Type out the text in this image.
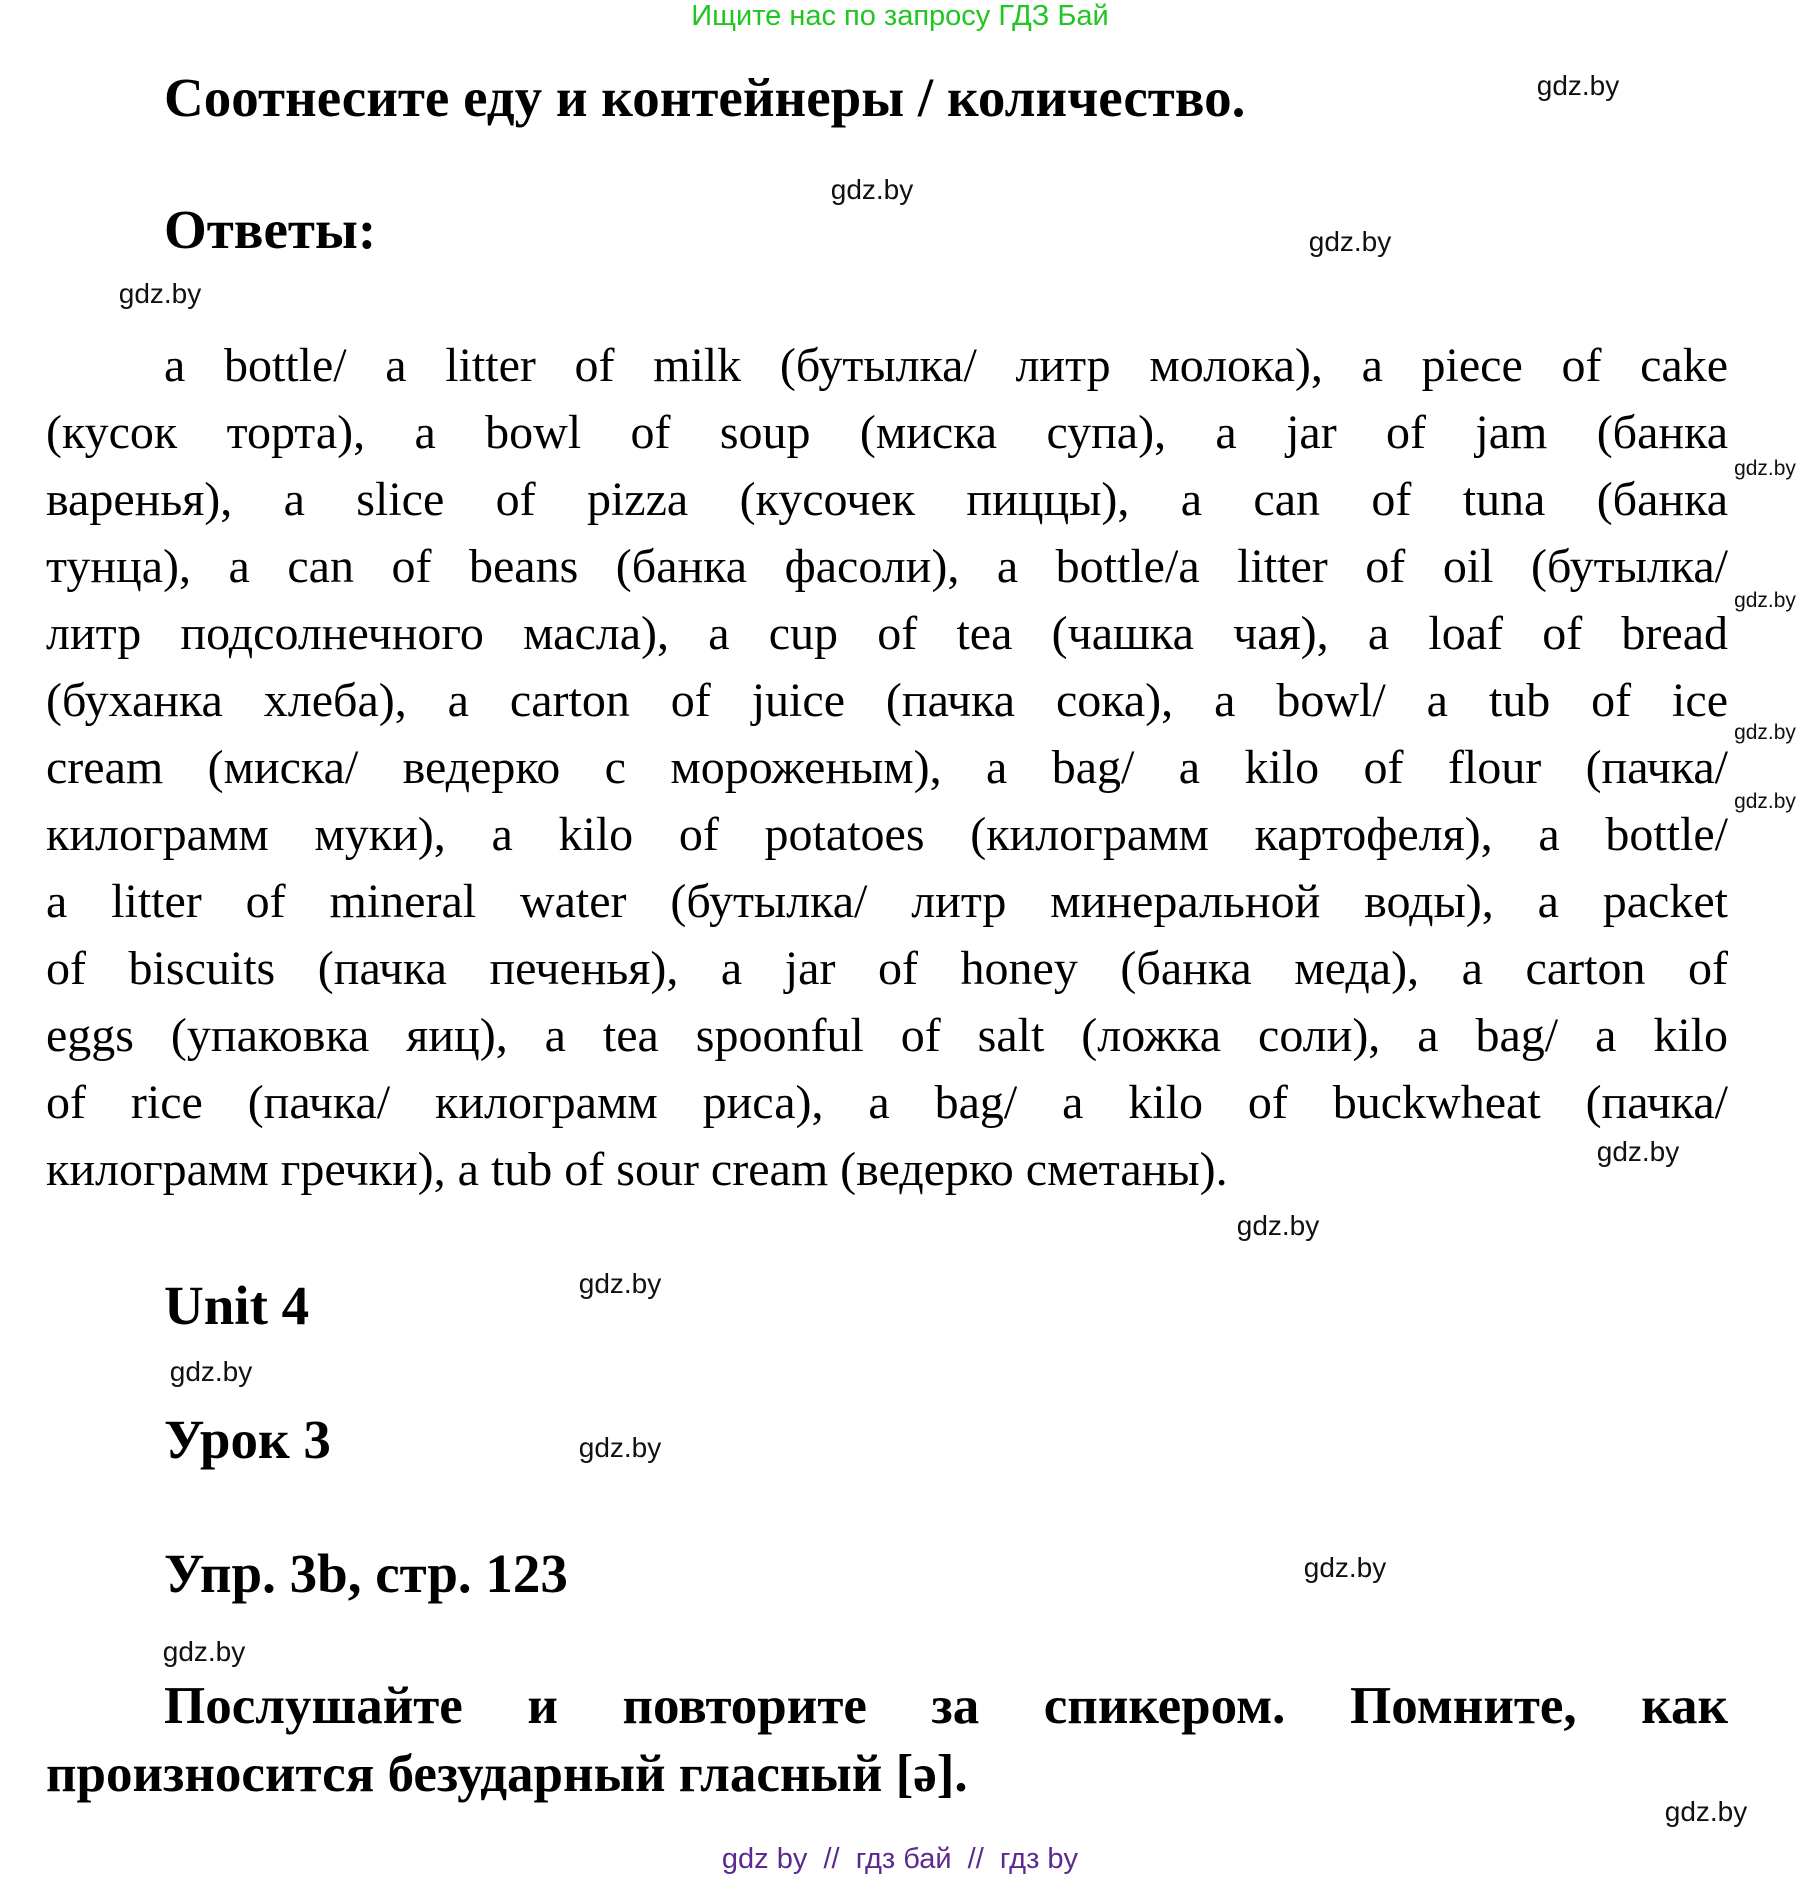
Ищите нас по запросу ГДЗ Бай
Соотнесите еду и контейнеры / количество.
Ответы:
a bottle/ a litter of milk (бутылка/ литр молока), a piece of cake
(кусок торта), a bowl of soup (миска супа), a jar of jam (банка
варенья), a slice of pizza (кусочек пиццы), a can of tuna (банка
тунца), a can of beans (банка фасоли), a bottle/a litter of oil (бутылка/
литр подсолнечного масла), a cup of tea (чашка чая), a loaf of bread
(буханка хлеба), a carton of juice (пачка сока), a bowl/ a tub of ice
cream (миска/ ведерко с мороженым), a bag/ a kilo of flour (пачка/
килограмм муки), a kilo of potatoes (килограмм картофеля), a bottle/
a litter of mineral water (бутылка/ литр минеральной воды), a packet
of biscuits (пачка печенья), a jar of honey (банка меда), a carton of
eggs (упаковка яиц), a tea spoonful of salt (ложка соли), a bag/ a kilo
of rice (пачка/ килограмм риса), a bag/ a kilo of buckwheat (пачка/
килограмм гречки), a tub of sour cream (ведерко сметаны).
Unit 4
Урок 3
Упр. 3b, стр. 123
Послушайте и повторите за спикером. Помните, как
произносится безударный гласный [ə].
gdz.by
gdz.by
gdz.by
gdz.by
gdz.by
gdz.by
gdz.by
gdz.by
gdz.by
gdz.by
gdz.by
gdz.by
gdz.by
gdz.by
gdz.by
gdz.by
gdz by  //  гдз бай  //  гдз by
